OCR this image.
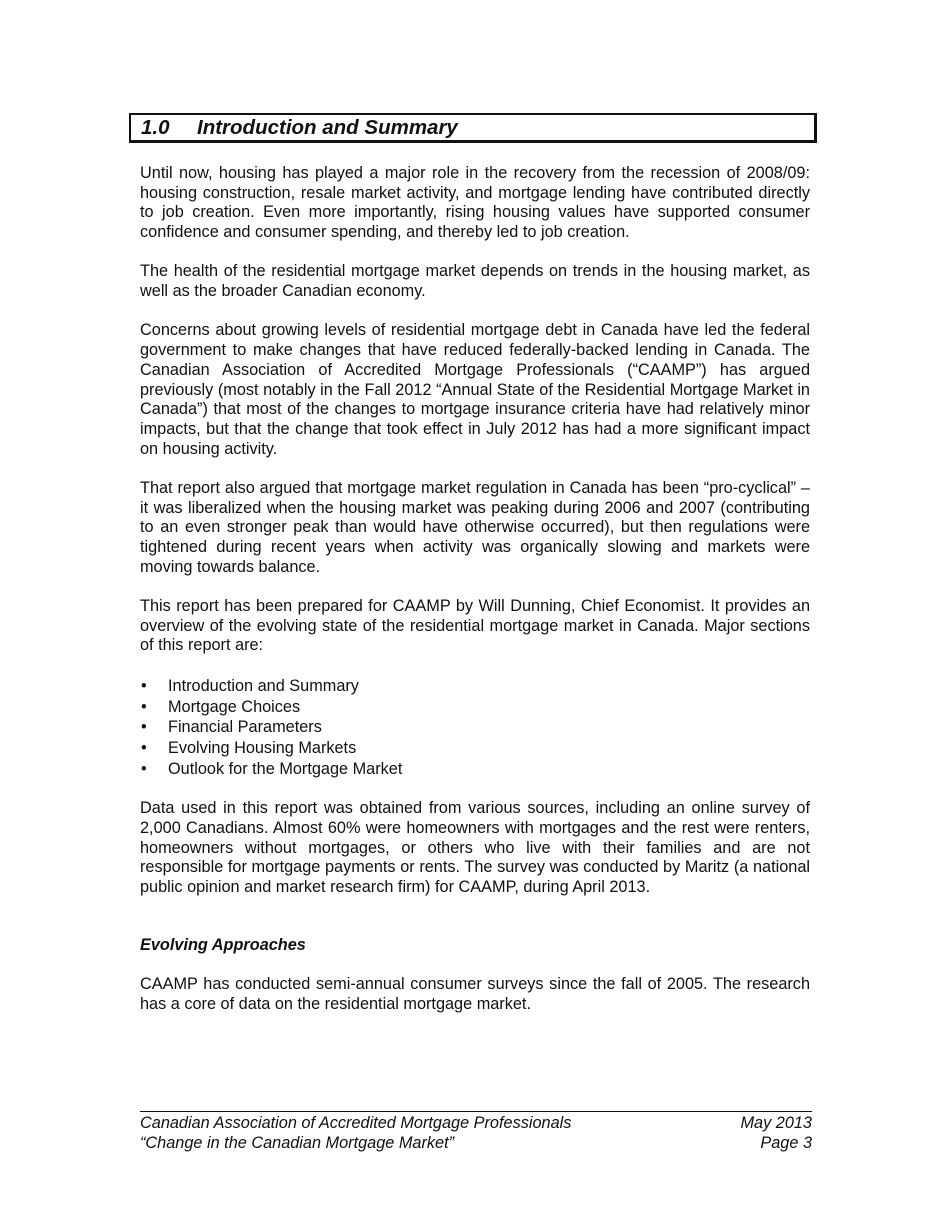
1.0 Introduction and Summary

Until now, housing has played a major role in the recovery from the recession of 2008/09: housing construction, resale market activity, and mortgage lending have contributed directly to job creation. Even more importantly, rising housing values have supported consumer confidence and consumer spending, and thereby led to job creation.

The health of the residential mortgage market depends on trends in the housing market, as well as the broader Canadian economy.

Concerns about growing levels of residential mortgage debt in Canada have led the federal government to make changes that have reduced federally-backed lending in Canada. The Canadian Association of Accredited Mortgage Professionals (“CAAMP”) has argued previously (most notably in the Fall 2012 “Annual State of the Residential Mortgage Market in Canada”) that most of the changes to mortgage insurance criteria have had relatively minor impacts, but that the change that took effect in July 2012 has had a more significant impact on housing activity.

That report also argued that mortgage market regulation in Canada has been “pro-cyclical” – it was liberalized when the housing market was peaking during 2006 and 2007 (contributing to an even stronger peak than would have otherwise occurred), but then regulations were tightened during recent years when activity was organically slowing and markets were moving towards balance.

This report has been prepared for CAAMP by Will Dunning, Chief Economist. It provides an overview of the evolving state of the residential mortgage market in Canada. Major sections of this report are:

• Introduction and Summary
• Mortgage Choices
• Financial Parameters
• Evolving Housing Markets
• Outlook for the Mortgage Market

Data used in this report was obtained from various sources, including an online survey of 2,000 Canadians. Almost 60% were homeowners with mortgages and the rest were renters, homeowners without mortgages, or others who live with their families and are not responsible for mortgage payments or rents. The survey was conducted by Maritz (a national public opinion and market research firm) for CAAMP, during April 2013.

Evolving Approaches

CAAMP has conducted semi-annual consumer surveys since the fall of 2005. The research has a core of data on the residential mortgage market.

Canadian Association of Accredited Mortgage Professionals	May 2013
“Change in the Canadian Mortgage Market”	Page 3
